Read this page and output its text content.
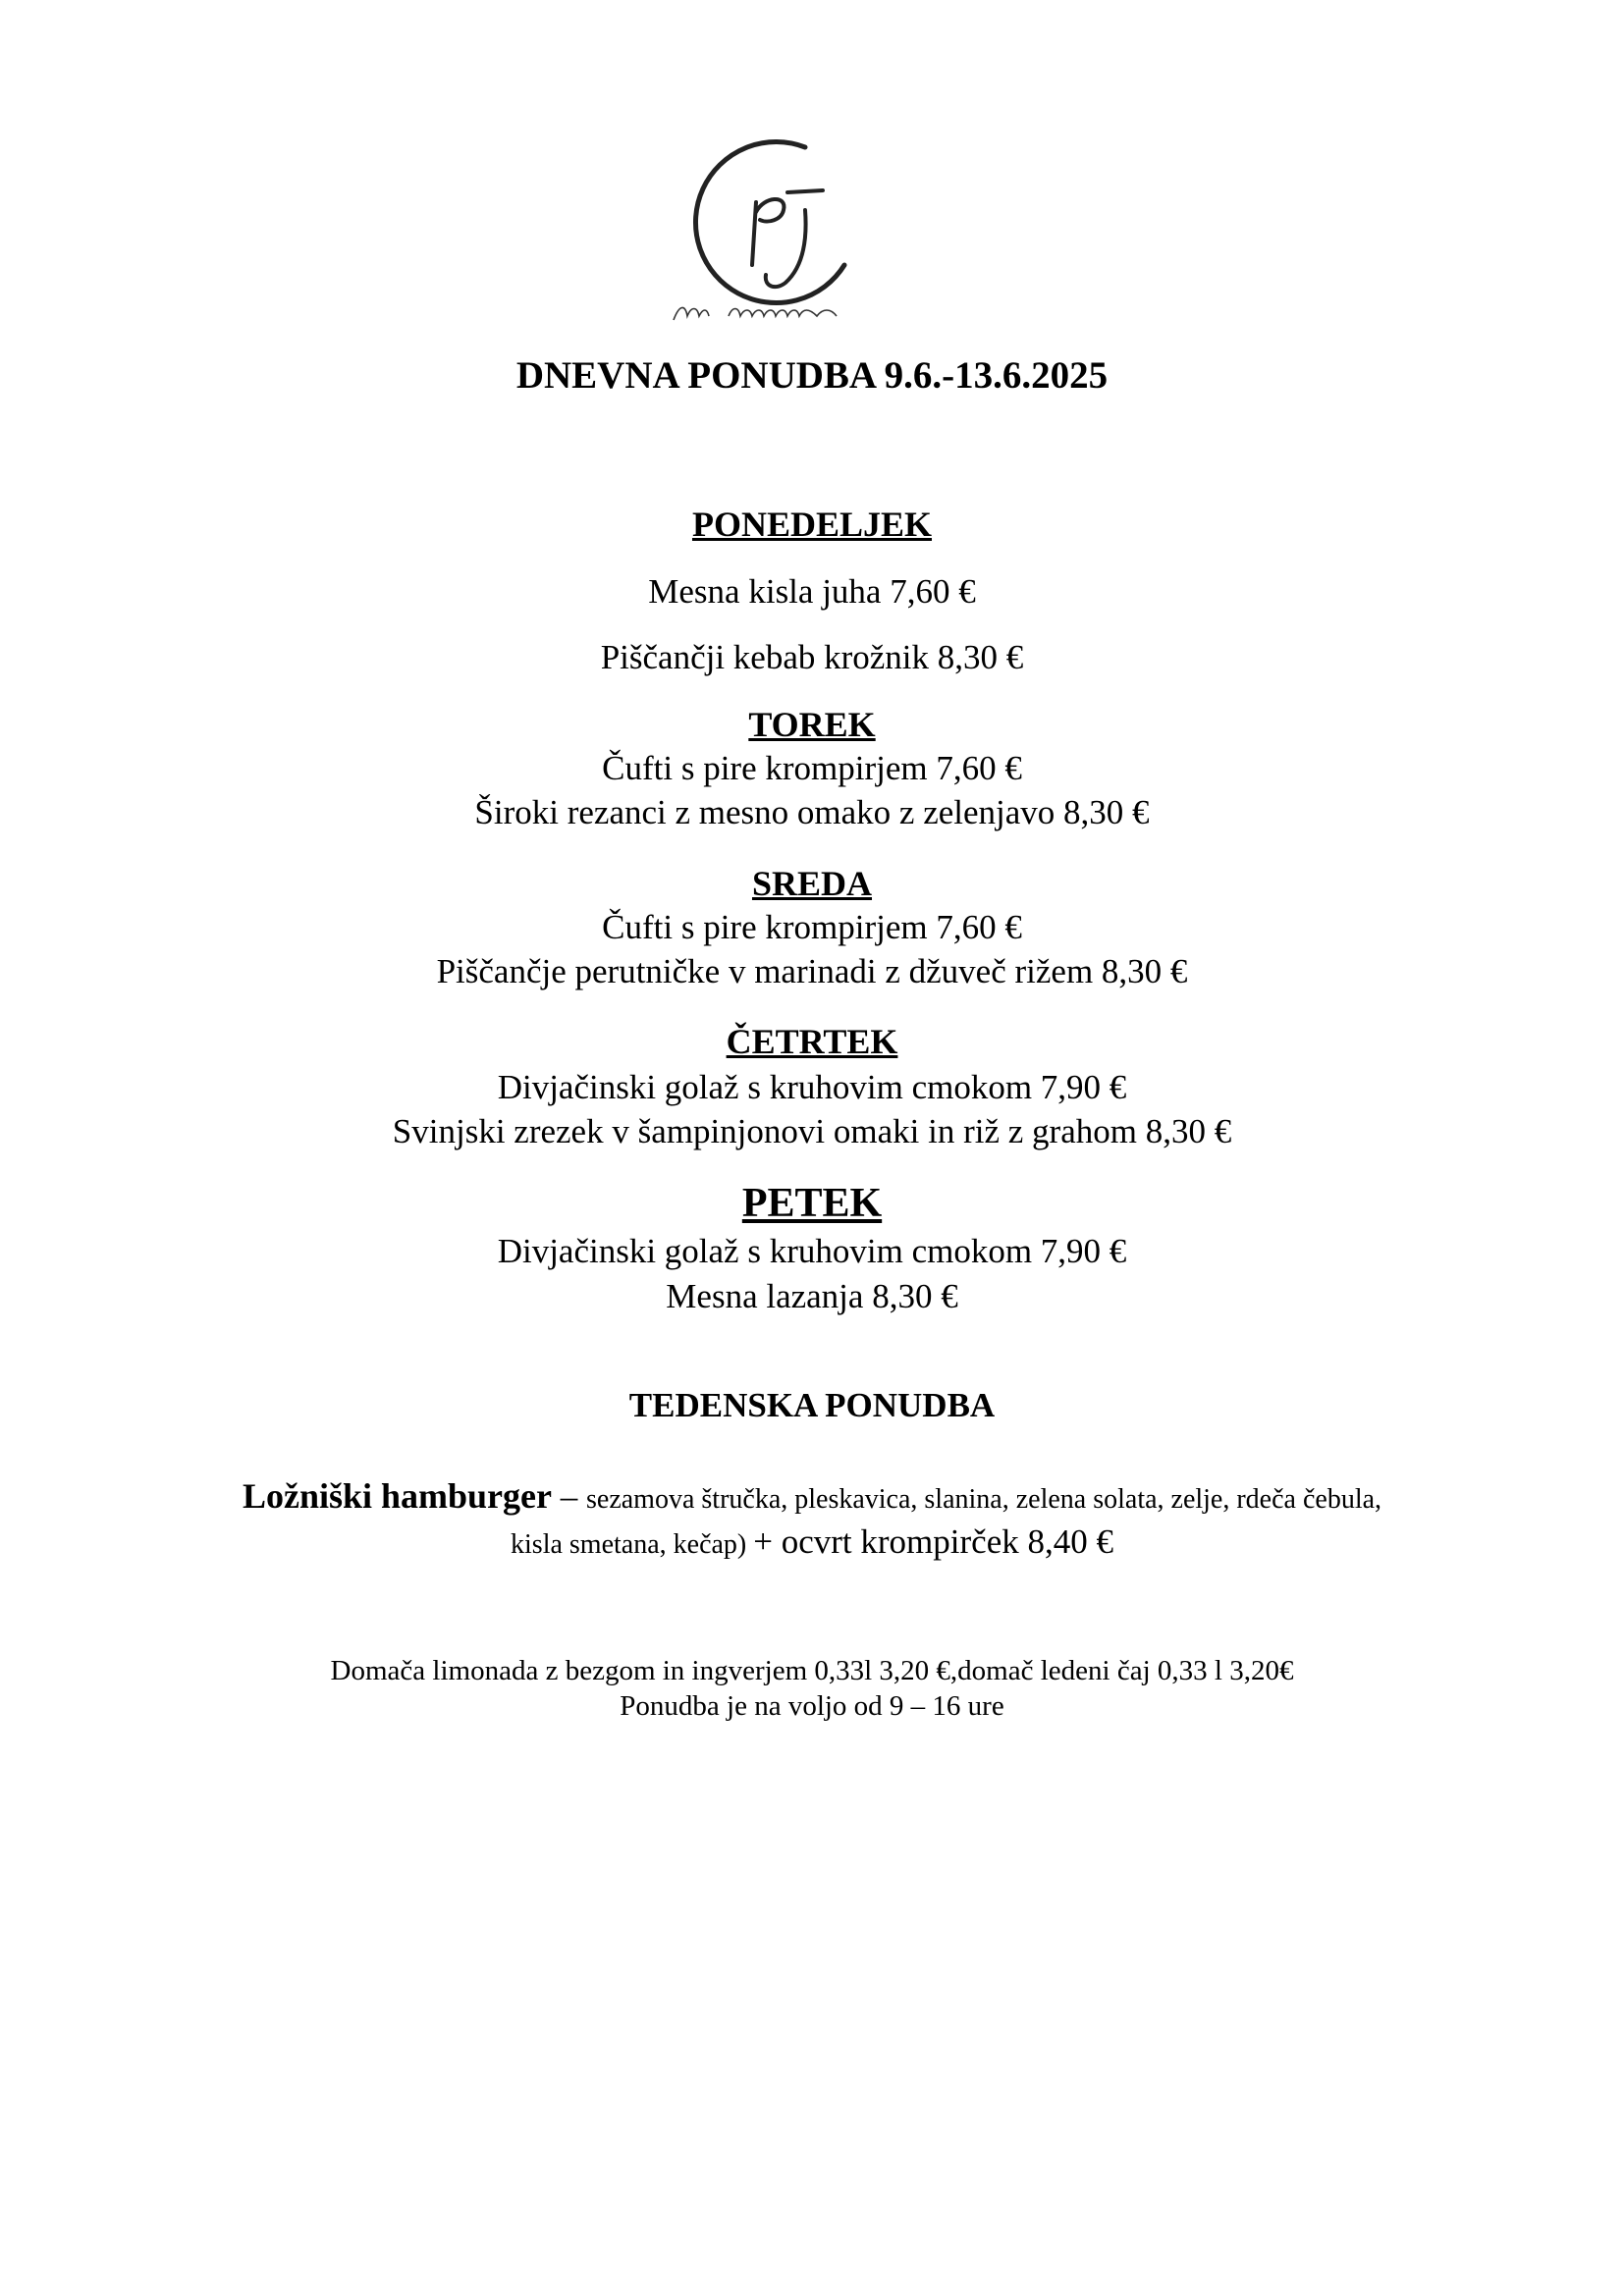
DNEVNA PONUDBA 9.6.-13.6.2025
PONEDELJEK
Mesna kisla juha 7,60 €
Piščančji kebab krožnik 8,30 €
TOREK
Čufti s pire krompirjem 7,60 €
Široki rezanci z mesno omako z zelenjavo 8,30 €
SREDA
Čufti s pire krompirjem 7,60 €
Piščančje perutničke v marinadi z džuveč rižem 8,30 €
ČETRTEK
Divjačinski golaž s kruhovim cmokom 7,90 €
Svinjski zrezek v šampinjonovi omaki in riž z grahom 8,30 €
PETEK
Divjačinski golaž s kruhovim cmokom 7,90 €
Mesna lazanja 8,30 €
TEDENSKA PONUDBA
Ložniški hamburger – sezamova štručka, pleskavica, slanina, zelena solata, zelje, rdeča čebula,
kisla smetana, kečap) + ocvrt krompirček 8,40 €
Domača limonada z bezgom in ingverjem 0,33l 3,20 €,domač ledeni čaj 0,33 l 3,20€
Ponudba je na voljo od 9 – 16 ure
